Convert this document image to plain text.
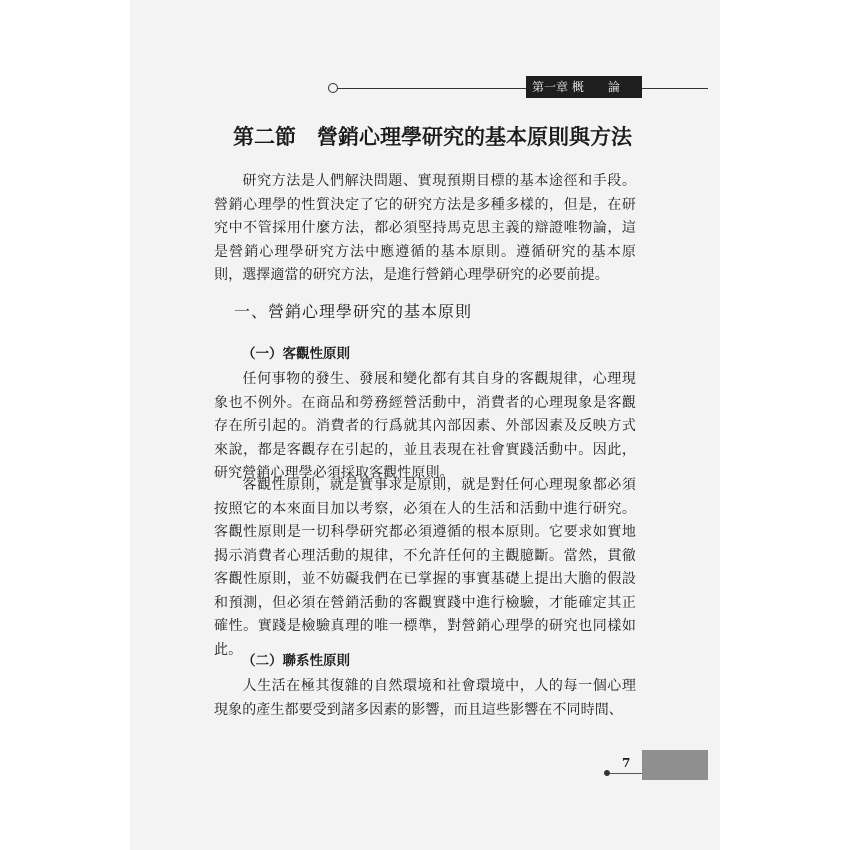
第一章 概　　論
第二節　營銷心理學研究的基本原則與方法

研究方法是人們解決問題、實現預期目標的基本途徑和手段。營銷心理學的性質決定了它的研究方法是多種多樣的，但是，在研究中不管採用什麼方法，都必須堅持馬克思主義的辯證唯物論，這是營銷心理學研究方法中應遵循的基本原則。遵循研究的基本原則，選擇適當的研究方法，是進行營銷心理學研究的必要前提。

一、營銷心理學研究的基本原則
（一）客觀性原則

任何事物的發生、發展和變化都有其自身的客觀規律，心理現象也不例外。在商品和勞務經營活動中，消費者的心理現象是客觀存在所引起的。消費者的行爲就其內部因素、外部因素及反映方式來說，都是客觀存在引起的，並且表現在社會實踐活動中。因此，研究營銷心理學必須採取客觀性原則。

客觀性原則，就是實事求是原則，就是對任何心理現象都必須按照它的本來面目加以考察，必須在人的生活和活動中進行研究。客觀性原則是一切科學研究都必須遵循的根本原則。它要求如實地揭示消費者心理活動的規律，不允許任何的主觀臆斷。當然，貫徹客觀性原則，並不妨礙我們在已掌握的事實基礎上提出大膽的假設和預測，但必須在營銷活動的客觀實踐中進行檢驗，才能確定其正確性。實踐是檢驗真理的唯一標準，對營銷心理學的研究也同樣如此。

（二）聯系性原則

人生活在極其復雜的自然環境和社會環境中，人的每一個心理現象的產生都要受到諸多因素的影響，而且這些影響在不同時間、

7
